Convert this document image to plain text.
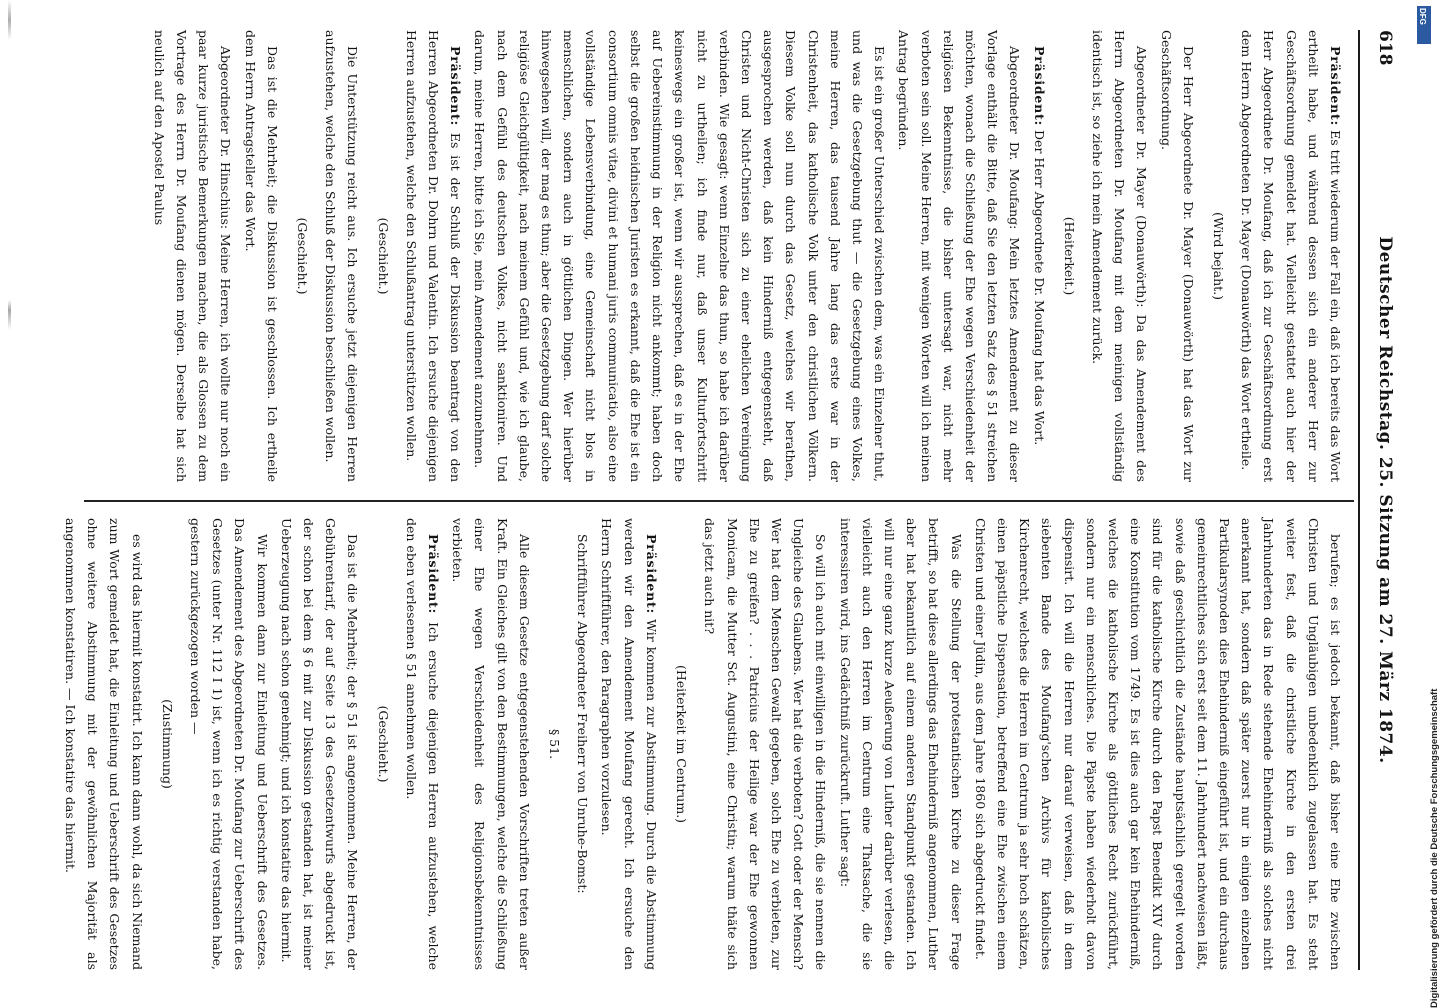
618
Deutscher Reichstag. 25. Sitzung am 27. März 1874.

Präsident: Es tritt wiederum der Fall ein, daß ich bereits das Wort ertheilt habe, und während dessen sich ein anderer Herr zur Geschäftsordnung gemeldet hat. Vielleicht gestattet auch hier der Herr Abgeordnete Dr. Moufang, daß ich zur Geschäftsordnung erst dem Herrn Abgeordneten Dr. Mayer (Donauwörth) das Wort ertheile.

(Wird bejaht.)

Der Herr Abgeordnete Dr. Mayer (Donauwörth) hat das Wort zur Geschäftsordnung.

Abgeordneter Dr. Mayer (Donauwörth): Da das Amendement des Herrn Abgeordneten Dr. Moufang mit dem meinigen vollständig identisch ist, so ziehe ich mein Amendement zurück.

(Heiterkeit.)

Präsident: Der Herr Abgeordnete Dr. Moufang hat das Wort.

Abgeordneter Dr. Moufang: Mein letztes Amendement zu dieser Vorlage enthält die Bitte, daß Sie den letzten Satz des § 51 streichen möchten, wonach die Schließung der Ehe wegen Verschiedenheit der religiösen Bekenntnisse, die bisher untersagt war, nicht mehr verboten sein soll. Meine Herren, mit wenigen Worten will ich meinen Antrag begründen.

Es ist ein großer Unterschied zwischen dem, was ein Einzelner thut, und was die Gesetzgebung thut — die Gesetzgebung eines Volkes, meine Herren, das tausend Jahre lang das erste war in der Christenheit, das katholische Volk unter den christlichen Völkern. Diesem Volke soll nun durch das Gesetz, welches wir berathen, ausgesprochen werden, daß kein Hinderniß entgegensteht, daß Christen und Nicht-Christen sich zu einer ehelichen Vereinigung verbinden. Wie gesagt: wenn Einzelne das thun, so habe ich darüber nicht zu urtheilen; ich finde nur, daß unser Kulturfortschritt keineswegs ein großer ist, wenn wir aussprechen, daß es in der Ehe auf Uebereinstimmung in der Religion nicht ankommt; haben doch selbst die großen heidnischen Juristen es erkannt, daß die Ehe ist ein consortium omnis vitae, divini et humani juris communicatio, also eine vollständige Lebensverbindung, eine Gemeinschaft nicht blos in menschlichen, sondern auch in göttlichen Dingen. Wer hierüber hinwegsehen will, der mag es thun; aber die Gesetzgebung darf solche religiöse Gleichgültigkeit, nach meinem Gefühl und, wie ich glaube, nach dem Gefühl des deutschen Volkes, nicht sanktioniren. Und darum, meine Herren, bitte ich Sie, mein Amendement anzunehmen.

Präsident: Es ist der Schluß der Diskussion beantragt von den Herren Abgeordneten Dr. Dohrn und Valentin. Ich ersuche diejenigen Herren aufzustehen, welche den Schlußantrag unterstützen wollen.

(Geschieht.)

Die Unterstützung reicht aus. Ich ersuche jetzt diejenigen Herren aufzustehen, welche den Schluß der Diskussion beschließen wollen.

(Geschieht.)

Das ist die Mehrheit; die Diskussion ist geschlossen. Ich ertheile dem Herrn Antragsteller das Wort.

Abgeordneter Dr. Hinschius: Meine Herren, ich wollte nur noch ein paar kurze juristische Bemerkungen machen, die als Glossen zu dem Vortrage des Herrn Dr. Moufang dienen mögen. Derselbe hat sich neulich auf den Apostel Paulus

berufen; es ist jedoch bekannt, daß bisher eine Ehe zwischen Christen und Ungläubigen unbedenklich zugelassen hat. Es steht weiter fest, daß die christliche Kirche in den ersten drei Jahrhunderten das in Rede stehende Ehehinderniß als solches nicht anerkannt hat, sondern daß später zuerst nur in einigen einzelnen Partikularsynoden dies Ehehinderniß eingeführt ist, und ein durchaus gemeinrechtliches sich erst seit dem 11. Jahrhundert nachweisen läßt, sowie daß geschichtlich die Zustände hauptsächlich geregelt worden sind für die katholische Kirche durch den Papst Benedikt XIV durch eine Konstitution vom 1749. Es ist dies auch gar kein Ehehinderniß, welches die katholische Kirche als göttliches Recht zurückführt, sondern nur ein menschliches. Die Päpste haben wiederholt davon dispensirt. Ich will die Herren nur darauf verweisen, daß in dem siebenten Bande des Moufang'schen Archivs für katholisches Kirchenrecht, welches die Herren im Centrum ja sehr hoch schätzen, einen päpstliche Dispensation, betreffend eine Ehe zwischen einem Christen und einer Jüdin, aus dem Jahre 1860 sich abgedruckt findet.

Was die Stellung der protestantischen Kirche zu dieser Frage betrifft, so hat diese allerdings das Ehehinderniß angenommen, Luther aber hat bekanntlich auf einem anderen Standpunkt gestanden. Ich will nur eine ganz kurze Aeußerung von Luther darüber verlesen, die vielleicht auch den Herren im Centrum eine Thatsache, die sie interessiren wird, ins Gedächtniß zurückruft. Luther sagt:

So will ich auch mit einwilligen in die Hinderniß, die sie nennen die Ungleiche des Glaubens. Wer hat die verboten? Gott oder der Mensch? Wer hat dem Menschen Gewalt gegeben, solch Ehe zu verbieten, zur Ehe zu greifen? . . . Patricius der Heilige war der Ehe gewonnen Monicam, die Mutter Sct. Augustini, eine Christin; warum thäte sich das jetzt auch nit?

(Heiterkeit im Centrum.)

Präsident: Wir kommen zur Abstimmung. Durch die Abstimmung werden wir den Amendement Moufang gerecht. Ich ersuche den Herrn Schriftführer, den Paragraphen vorzulesen.

Schriftführer Abgeordneter Freiherr von Unruhe-Bomst:

§ 51.

Alle diesem Gesetze entgegenstehenden Vorschriften treten außer Kraft. Ein Gleiches gilt von den Bestimmungen, welche die Schließung einer Ehe wegen Verschiedenheit des Religionsbekenntnisses verbieten.

Präsident: Ich ersuche diejenigen Herren aufzustehen, welche den eben verlesenen § 51 annehmen wollen.

(Geschieht.)

Das ist die Mehrheit; der § 51 ist angenommen. Meine Herren, der Gebührentarif, der auf Seite 13 des Gesetzentwurfs abgedruckt ist, der schon bei dem § 6 mit zur Diskussion gestanden hat, ist meiner Ueberzeugung nach schon genehmigt; und ich konstatire das hiermit.

Wir kommen dann zur Einleitung und Ueberschrift des Gesetzes. Das Amendement des Abgeordneten Dr. Moufang zur Ueberschrift des Gesetzes (unter Nr. 112 I 1) ist, wenn ich es richtig verstanden habe, gestern zurückgezogen worden —

(Zustimmung)

es wird das hiermit konstatirt. Ich kann dann wohl, da sich Niemand zum Wort gemeldet hat, die Einleitung und Ueberschrift des Gesetzes ohne weitere Abstimmung mit der gewöhnlichen Majorität als angenommen konstatiren. — Ich konstatire das hiermit.

DFG
Digitalisierung gefördert durch die Deutsche Forschungsgemeinschaft
